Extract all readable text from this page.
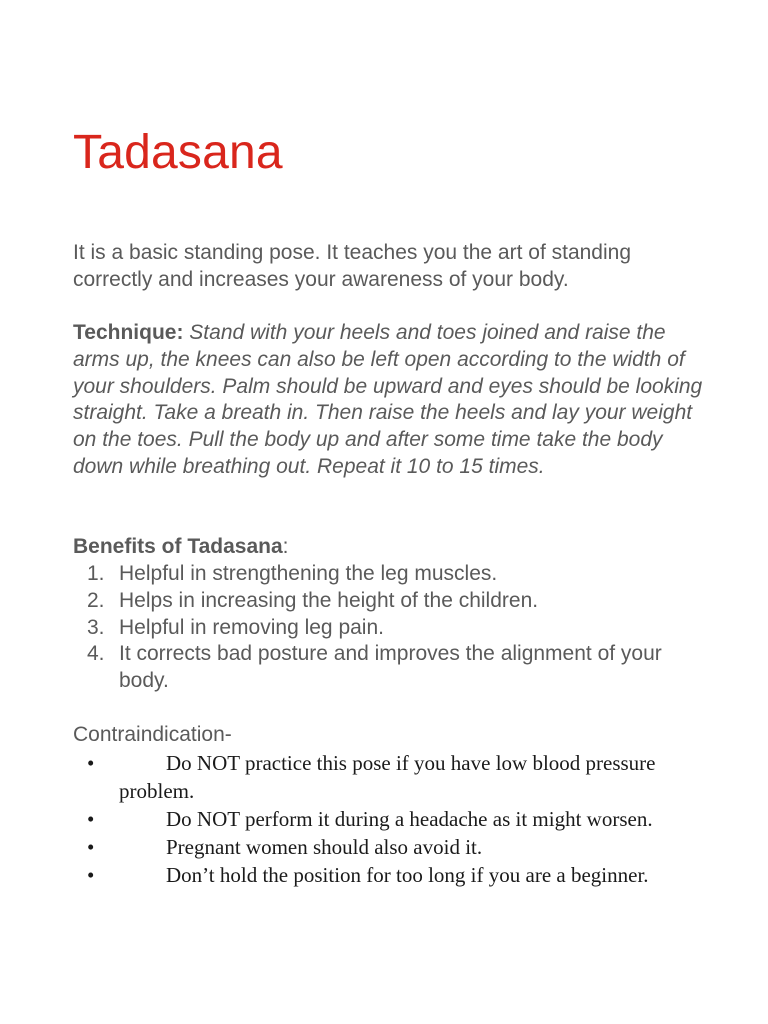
Tadasana

It is a basic standing pose. It teaches you the art of standing correctly and increases your awareness of your body.

Technique: Stand with your heels and toes joined and raise the arms up, the knees can also be left open according to the width of your shoulders. Palm should be upward and eyes should be looking straight. Take a breath in. Then raise the heels and lay your weight on the toes. Pull the body up and after some time take the body down while breathing out. Repeat it 10 to 15 times.

Benefits of Tadasana:

1. Helpful in strengthening the leg muscles.
2. Helps in increasing the height of the children.
3. Helpful in removing leg pain.
4. It corrects bad posture and improves the alignment of your body.

Contraindication-

•	Do NOT practice this pose if you have low blood pressure problem.
•	Do NOT perform it during a headache as it might worsen.
•	Pregnant women should also avoid it.
•	Don’t hold the position for too long if you are a beginner.
